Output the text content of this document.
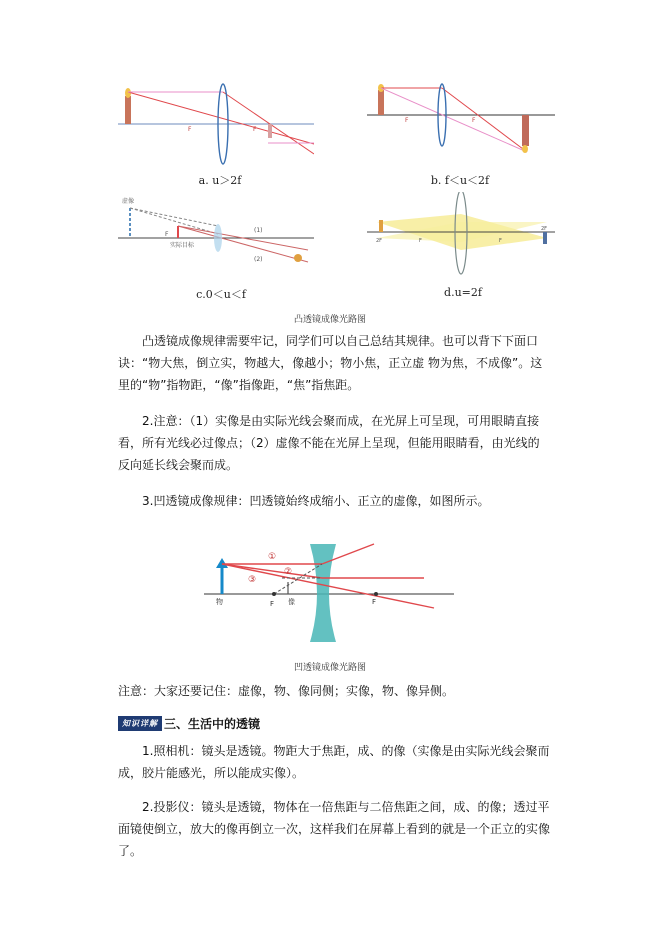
F	F
a. u＞2f
F	F
b. f＜u＜2f
虚像
实际目标
F
(1)
(2)
c.0＜u＜f
2F	F	F
2F
d.u=2f
凸透镜成像光路图
凸透镜成像规律需要牢记，同学们可以自己总结其规律。也可以背下下面口诀：“物大焦，倒立实，物越大，像越小；物小焦，正立虚 物为焦，不成像”。这里的“物”指物距，“像”指像距，“焦”指焦距。
2.注意：（1）实像是由实际光线会聚而成，在光屏上可呈现，可用眼睛直接看，所有光线必过像点；（2）虚像不能在光屏上呈现，但能用眼睛看，由光线的反向延长线会聚而成。
3.凹透镜成像规律：凹透镜始终成缩小、正立的虚像，如图所示。
物	像
F	F
①
②
③
凹透镜成像光路图
注意：大家还要记住：虚像，物、像同侧；实像，物、像异侧。
知识详解 三、生活中的透镜
1.照相机：镜头是透镜。物距大于焦距，成、的像（实像是由实际光线会聚而成，胶片能感光，所以能成实像）。
2.投影仪：镜头是透镜，物体在一倍焦距与二倍焦距之间，成、的像；透过平面镜使倒立，放大的像再倒立一次，这样我们在屏幕上看到的就是一个正立的实像了。
